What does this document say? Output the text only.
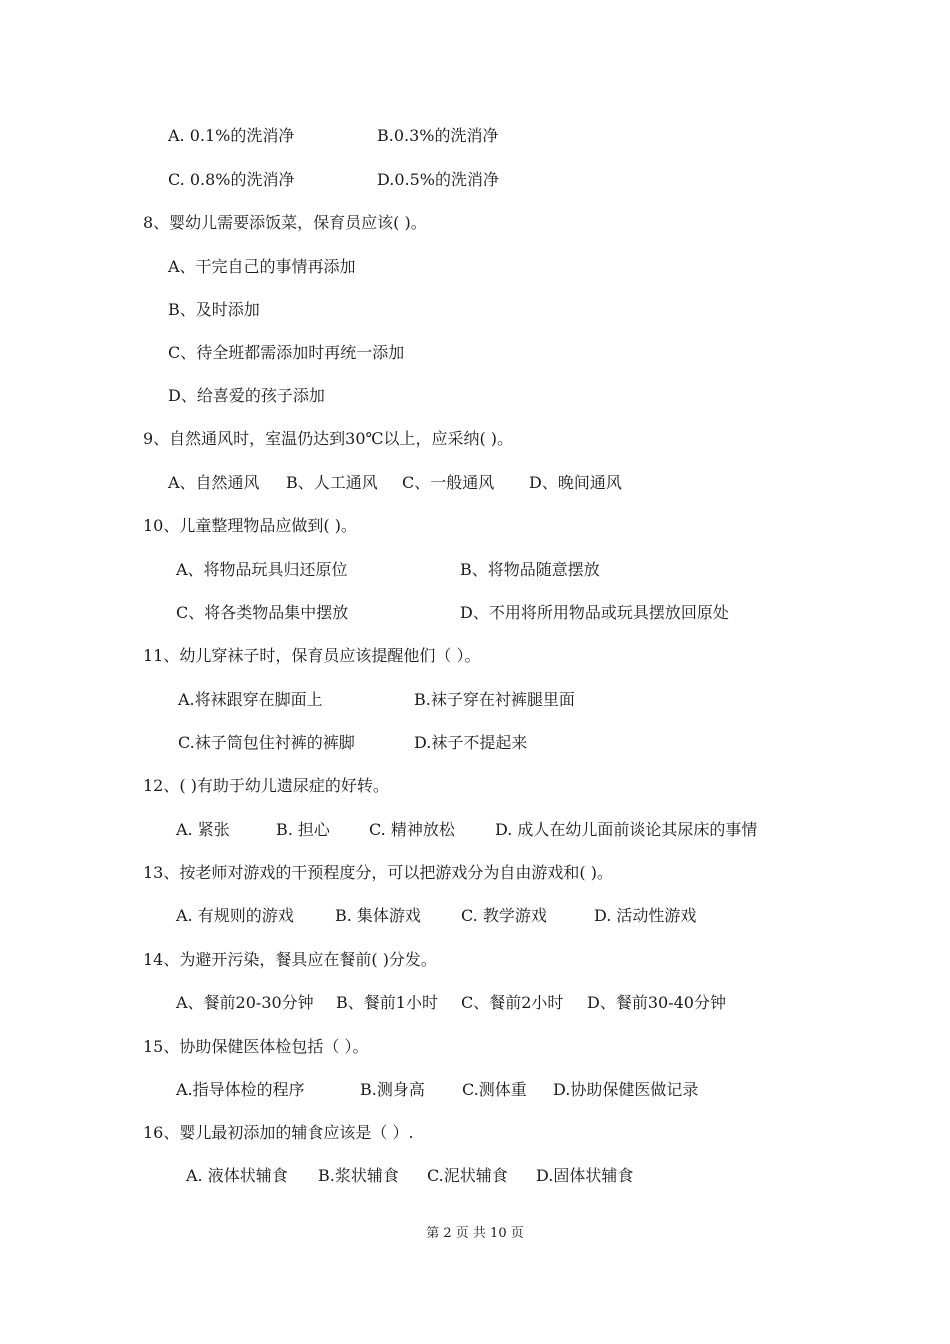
A. 0.1%的洗消净	B.0.3%的洗消净
C. 0.8%的洗消净	D.0.5%的洗消净
8、婴幼儿需要添饭菜，保育员应该( )。
A、干完自己的事情再添加
B、及时添加
C、待全班都需添加时再统一添加
D、给喜爱的孩子添加
9、自然通风时，室温仍达到30℃以上，应采纳( )。
A、自然通风 B、人工通风 C、一般通风 D、晚间通风
10、儿童整理物品应做到( )。
A、将物品玩具归还原位	B、将物品随意摆放
C、将各类物品集中摆放	D、不用将所用物品或玩具摆放回原处
11、幼儿穿袜子时，保育员应该提醒他们（ ）。
A.将袜跟穿在脚面上	B.袜子穿在衬裤腿里面
C.袜子筒包住衬裤的裤脚	D.袜子不提起来
12、( )有助于幼儿遗尿症的好转。
A. 紧张	B. 担心 C. 精神放松	D. 成人在幼儿面前谈论其尿床的事情
13、按老师对游戏的干预程度分，可以把游戏分为自由游戏和( )。
A. 有规则的游戏	B. 集体游戏	C. 教学游戏	D. 活动性游戏
14、为避开污染，餐具应在餐前( )分发。
A、餐前20-30分钟 B、餐前1小时 C、餐前2小时 D、餐前30-40分钟
15、协助保健医体检包括（ ）。
A.指导体检的程序	B.测身高 C.测体重 D.协助保健医做记录
16、婴儿最初添加的辅食应该是（ ）.
A. 液体状辅食 B.浆状辅食 C.泥状辅食 D.固体状辅食
第 2 页 共 10 页
